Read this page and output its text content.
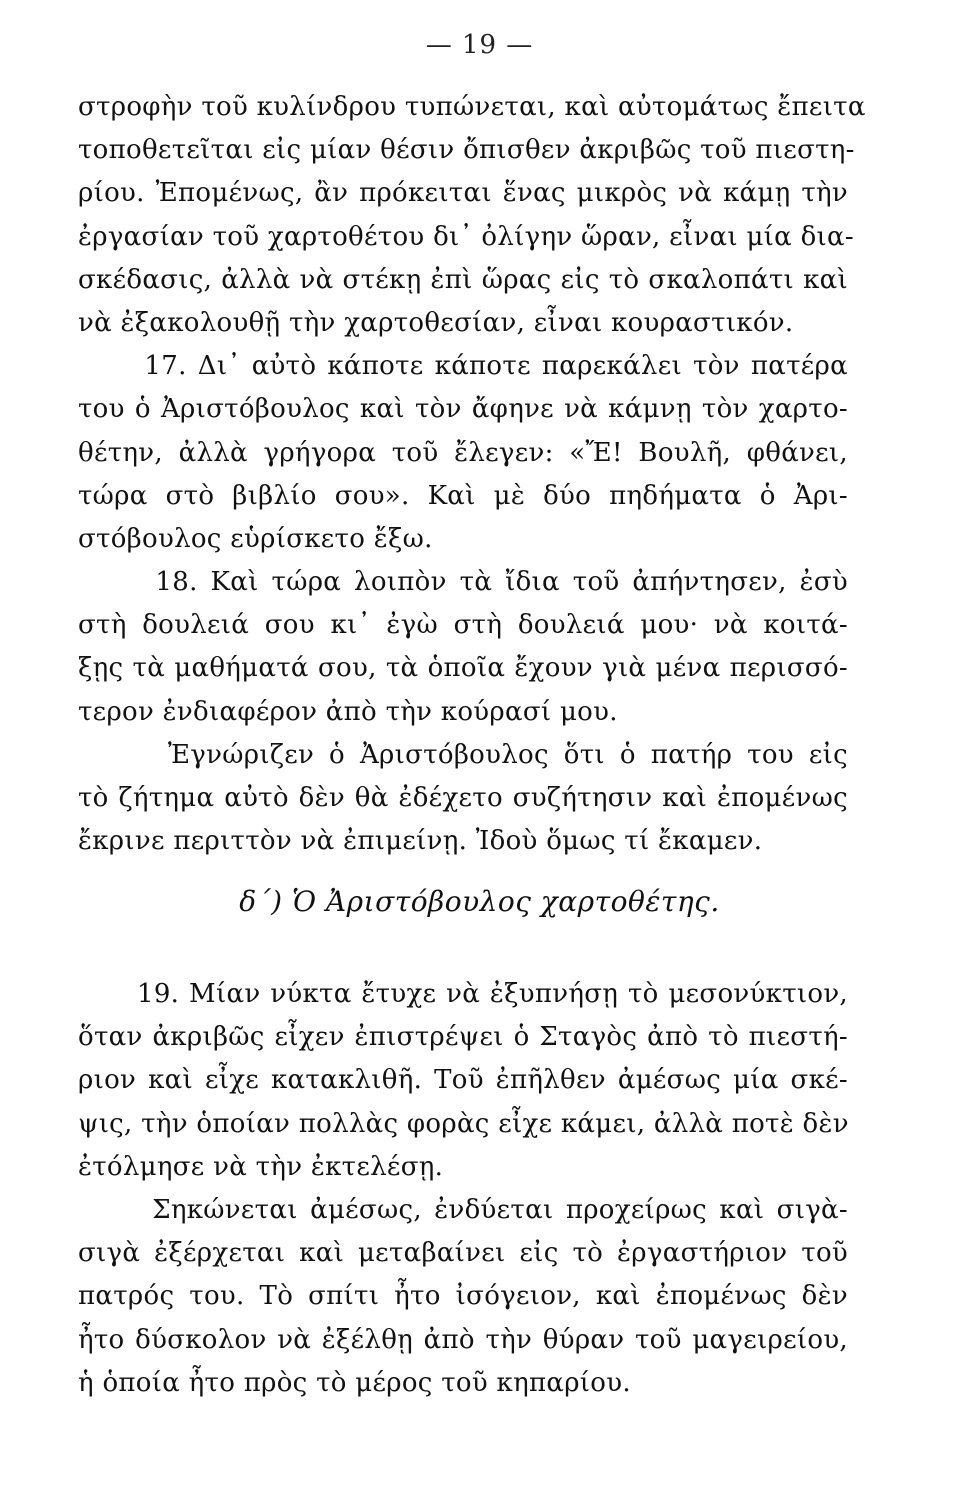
— 19 —
στροφὴν τοῦ κυλίνδρου τυπώνεται, καὶ αὐτομάτως ἔπειτα
τοποθετεῖται εἰς μίαν θέσιν ὄπισθεν ἀκριβῶς τοῦ πιεστη-
ρίου. Ἐπομένως, ἂν πρόκειται ἕνας μικρὸς νὰ κάμῃ τὴν
ἐργασίαν τοῦ χαρτοθέτου δι᾽ ὀλίγην ὥραν, εἶναι μία δια-
σκέδασις, ἀλλὰ νὰ στέκῃ ἐπὶ ὥρας εἰς τὸ σκαλοπάτι καὶ
νὰ ἐξακολουθῇ τὴν χαρτοθεσίαν, εἶναι κουραστικόν.
17. Δι᾽ αὐτὸ κάποτε κάποτε παρεκάλει τὸν πατέρα
του ὁ Ἀριστόβουλος καὶ τὸν ἄφηνε νὰ κάμνῃ τὸν χαρτο-
θέτην, ἀλλὰ γρήγορα τοῦ ἔλεγεν: «Ἔ! Βουλῆ, φθάνει,
τώρα στὸ βιβλίο σου». Καὶ μὲ δύο πηδήματα ὁ Ἀρι-
στόβουλος εὑρίσκετο ἔξω.
18. Καὶ τώρα λοιπὸν τὰ ἴδια τοῦ ἀπήντησεν, ἐσὺ
στὴ δουλειά σου κι᾽ ἐγὼ στὴ δουλειά μου· νὰ κοιτά-
ξῃς τὰ μαθήματά σου, τὰ ὁποῖα ἔχουν γιὰ μένα περισσό-
τερον ἐνδιαφέρον ἀπὸ τὴν κούρασί μου.
Ἐγνώριζεν ὁ Ἀριστόβουλος ὅτι ὁ πατήρ του εἰς
τὸ ζήτημα αὐτὸ δὲν θὰ ἐδέχετο συζήτησιν καὶ ἐπομένως
ἔκρινε περιττὸν νὰ ἐπιμείνῃ. Ἰδοὺ ὅμως τί ἔκαμεν.
δ΄) Ὁ Ἀριστόβουλος χαρτοθέτης.
19. Μίαν νύκτα ἔτυχε νὰ ἐξυπνήσῃ τὸ μεσονύκτιον,
ὅταν ἀκριβῶς εἶχεν ἐπιστρέψει ὁ Σταγὸς ἀπὸ τὸ πιεστή-
ριον καὶ εἶχε κατακλιθῆ. Τοῦ ἐπῆλθεν ἀμέσως μία σκέ-
ψις, τὴν ὁποίαν πολλὰς φορὰς εἶχε κάμει, ἀλλὰ ποτὲ δὲν
ἐτόλμησε νὰ τὴν ἐκτελέσῃ.
Σηκώνεται ἀμέσως, ἐνδύεται προχείρως καὶ σιγὰ-
σιγὰ ἐξέρχεται καὶ μεταβαίνει εἰς τὸ ἐργαστήριον τοῦ
πατρός του. Τὸ σπίτι ἦτο ἰσόγειον, καὶ ἐπομένως δὲν
ἦτο δύσκολον νὰ ἐξέλθῃ ἀπὸ τὴν θύραν τοῦ μαγειρείου,
ἡ ὁποία ἦτο πρὸς τὸ μέρος τοῦ κηπαρίου.
